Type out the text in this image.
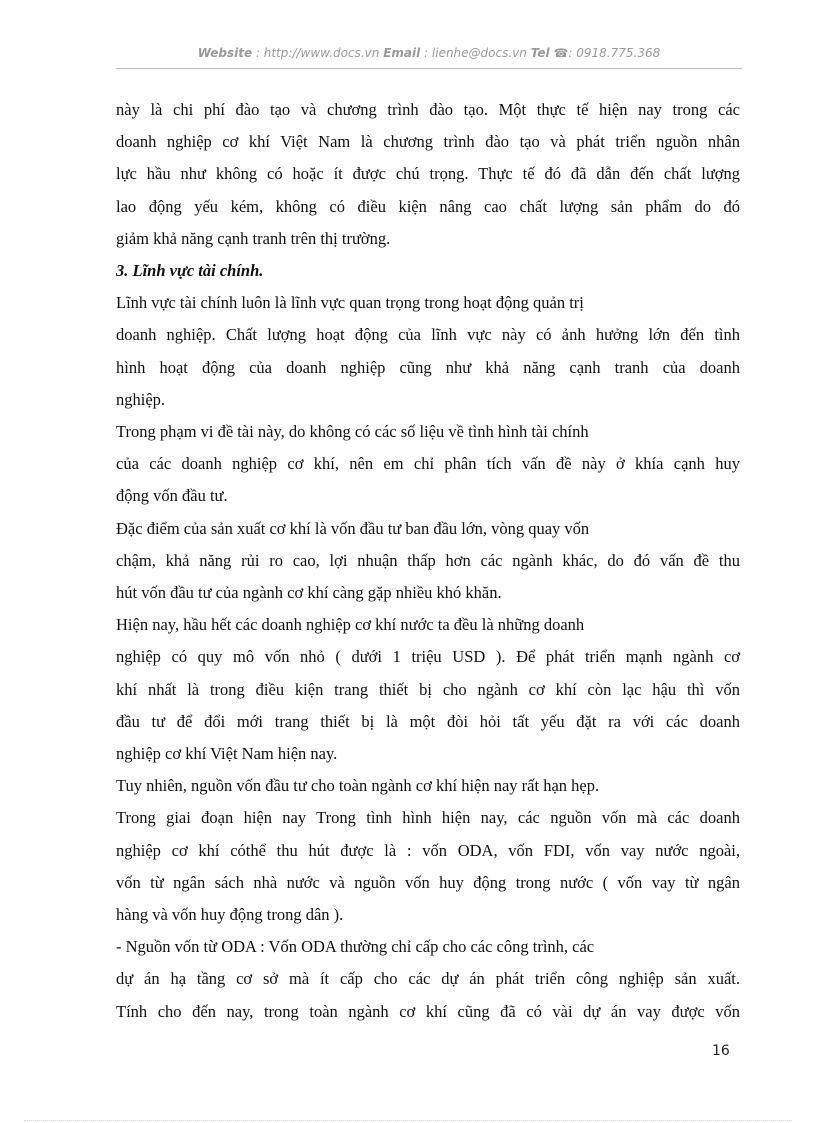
Website : http://www.docs.vn Email : lienhe@docs.vn Tel ☎: 0918.775.368

này là chi phí đào tạo và chương trình đào tạo. Một thực tế hiện nay trong các

doanh nghiệp cơ khí Việt Nam là chương trình đào tạo và phát triển nguồn nhân

lực hầu như không có hoặc ít được chú trọng. Thực tế đó đã dẫn đến chất lượng

lao động yếu kém, không có điều kiện nâng cao chất lượng sản phẩm do đó

giảm khả năng cạnh tranh trên thị trường.

3. Lĩnh vực tài chính.

Lĩnh vực tài chính luôn là lĩnh vực quan trọng trong hoạt động quản trị

doanh nghiệp. Chất lượng hoạt động của lĩnh vực này có ảnh hưởng lớn đến tình

hình hoạt động của doanh nghiệp cũng như khả năng cạnh tranh của doanh

nghiệp.

Trong phạm vi đề tài này, do không có các số liệu về tình hình tài chính

của các doanh nghiệp cơ khí, nên em chỉ phân tích vấn đề này ở khía cạnh huy

động vốn đầu tư.

Đặc điểm của sản xuất cơ khí là vốn đầu tư ban đầu lớn, vòng quay vốn

chậm, khả năng rủi ro cao, lợi nhuận thấp hơn các ngành khác, do đó vấn đề thu

hút vốn đầu tư của ngành cơ khí càng gặp nhiều khó khăn.

Hiện nay, hầu hết các doanh nghiệp cơ khí nước ta đều là những doanh

nghiệp có quy mô vốn nhỏ ( dưới 1 triệu USD ). Để phát triển mạnh ngành cơ

khí nhất là trong điều kiện trang thiết bị cho ngành cơ khí còn lạc hậu thì vốn

đầu tư để đổi mới trang thiết bị là một đòi hỏi tất yếu đặt ra với các doanh

nghiệp cơ khí Việt Nam hiện nay.

Tuy nhiên, nguồn vốn đầu tư cho toàn ngành cơ khí hiện nay rất hạn hẹp.

Trong giai đoạn hiện nay Trong tình hình hiện nay, các nguồn vốn mà các doanh

nghiệp cơ khí cóthể thu hút được là : vốn ODA, vốn FDI, vốn vay nước ngoài,

vốn từ ngân sách nhà nước và nguồn vốn huy động trong nước ( vốn vay từ ngân

hàng và vốn huy động trong dân ).

- Nguồn vốn từ ODA : Vốn ODA thường chỉ cấp cho các công trình, các

dự án hạ tầng cơ sở mà ít cấp cho các dự án phát triển công nghiệp sản xuất.

Tính cho đến nay, trong toàn ngành cơ khí cũng đã có vài dự án vay được vốn

16
